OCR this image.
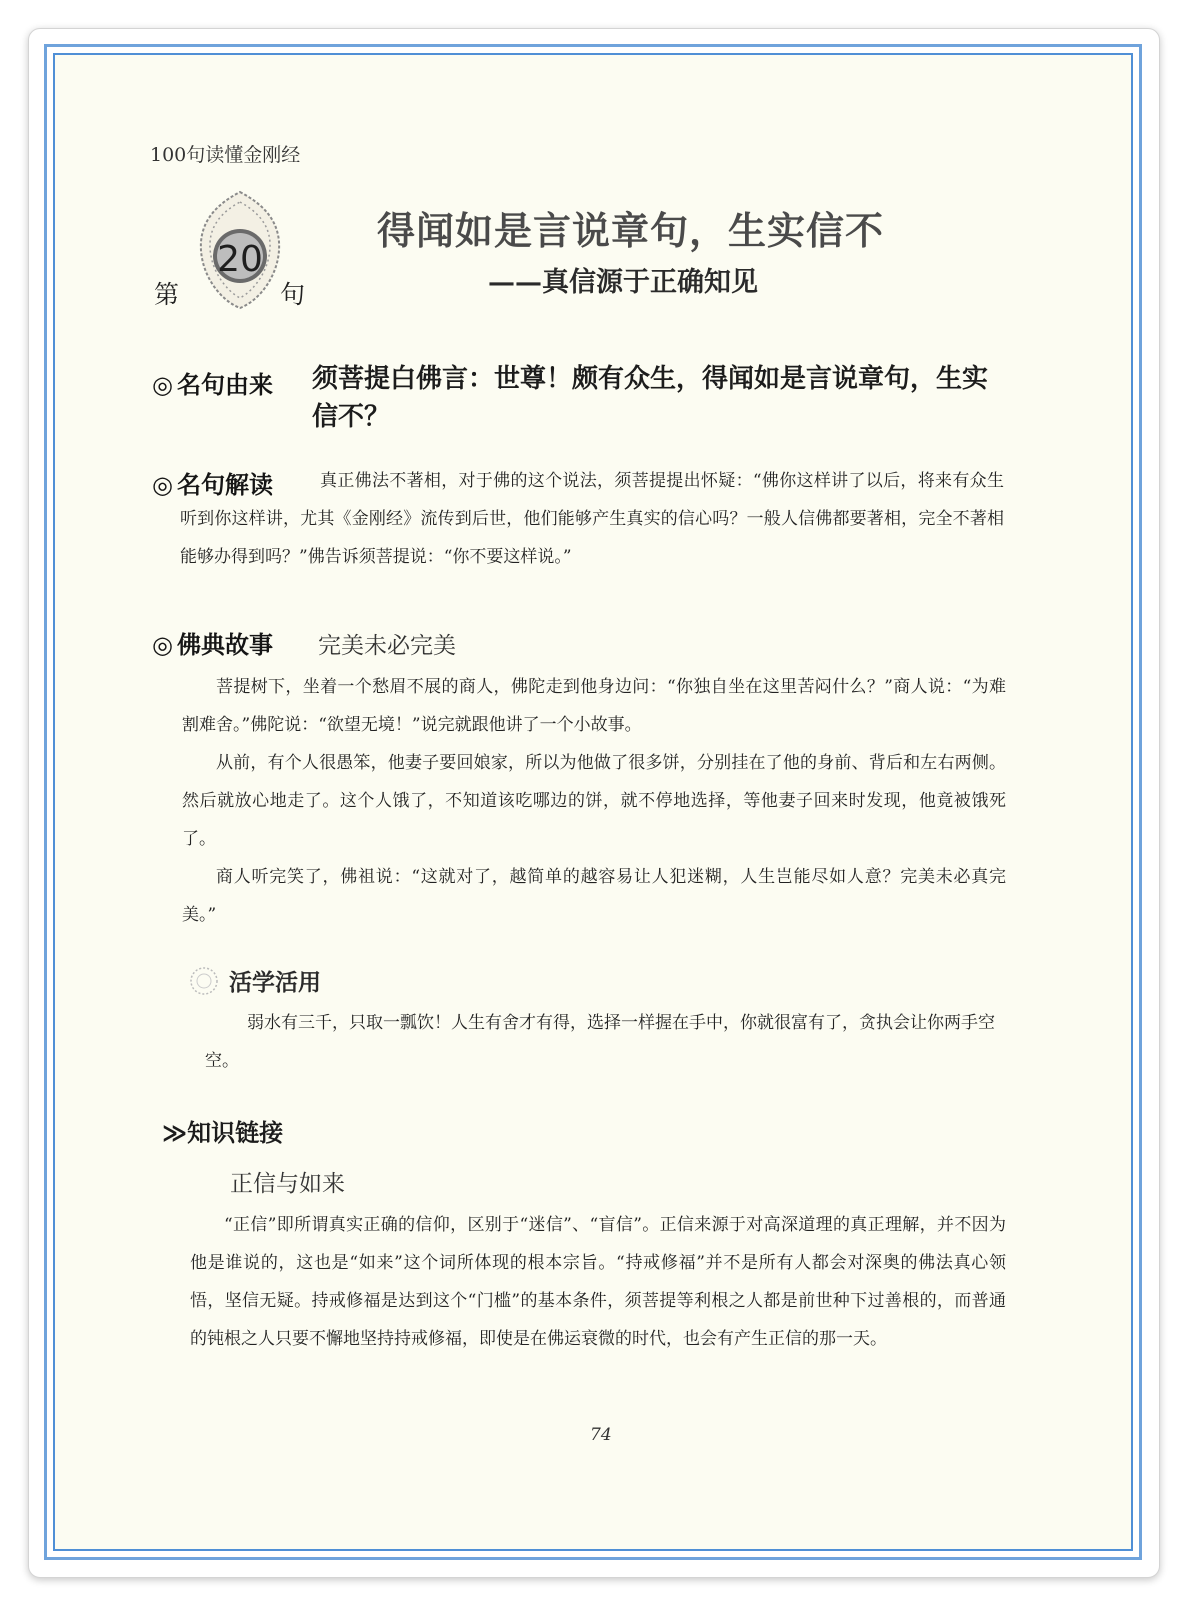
100句读懂金刚经
20
第	句
得闻如是言说章句，生实信不
——真信源于正确知见
◎ 名句由来 须菩提白佛言：世尊！颇有众生，得闻如是言说章句，生实信不？
◎ 名句解读	真正佛法不著相，对于佛的这个说法，须菩提提出怀疑：“佛你这样讲了以后，将来有众生听到你这样讲，尤其《金刚经》流传到后世，他们能够产生真实的信心吗？一般人信佛都要著相，完全不著相能够办得到吗？”佛告诉须菩提说：“你不要这样说。”
◎ 佛典故事 完美未必完美

菩提树下，坐着一个愁眉不展的商人，佛陀走到他身边问：“你独自坐在这里苦闷什么？”商人说：“为难割难舍。”佛陀说：“欲望无境！”说完就跟他讲了一个小故事。

从前，有个人很愚笨，他妻子要回娘家，所以为他做了很多饼，分别挂在了他的身前、背后和左右两侧。然后就放心地走了。这个人饿了，不知道该吃哪边的饼，就不停地选择，等他妻子回来时发现，他竟被饿死了。

商人听完笑了，佛祖说：“这就对了，越简单的越容易让人犯迷糊，人生岂能尽如人意？完美未必真完美。”

活学活用
弱水有三千，只取一瓢饮！人生有舍才有得，选择一样握在手中，你就很富有了，贪执会让你两手空空。
≫知识链接
正信与如来
“正信”即所谓真实正确的信仰，区别于“迷信”、“盲信”。正信来源于对高深道理的真正理解，并不因为他是谁说的，这也是“如来”这个词所体现的根本宗旨。“持戒修福”并不是所有人都会对深奥的佛法真心领悟，坚信无疑。持戒修福是达到这个“门槛”的基本条件，须菩提等利根之人都是前世种下过善根的，而普通的钝根之人只要不懈地坚持持戒修福，即使是在佛运衰微的时代，也会有产生正信的那一天。
74
